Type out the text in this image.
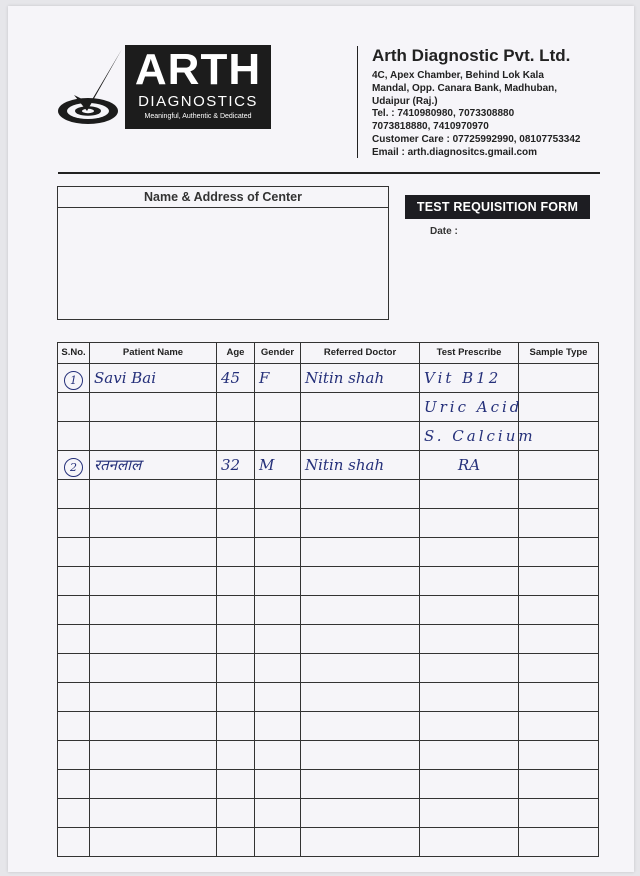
ARTH
DIAGNOSTICS
Meaningful, Authentic & Dedicated
Arth Diagnostic Pvt. Ltd.
4C, Apex Chamber, Behind Lok Kala
Mandal, Opp. Canara Bank, Madhuban,
Udaipur (Raj.)
Tel. : 7410980980, 7073308880
7073818880, 7410970970
Customer Care : 07725992990, 08107753342
Email : arth.diagnositcs.gmail.com
Name & Address of Center
TEST REQUISITION FORM
Date :
S.No.	Patient Name	Age	Gender	Referred Doctor	Test Prescribe	Sample Type
1	Savi Bai	45	F	Nitin shah	Vit B12	

					Uric Acid	

					S. Calcium	

2	रतनलाल	32	M	Nitin shah	RA	
